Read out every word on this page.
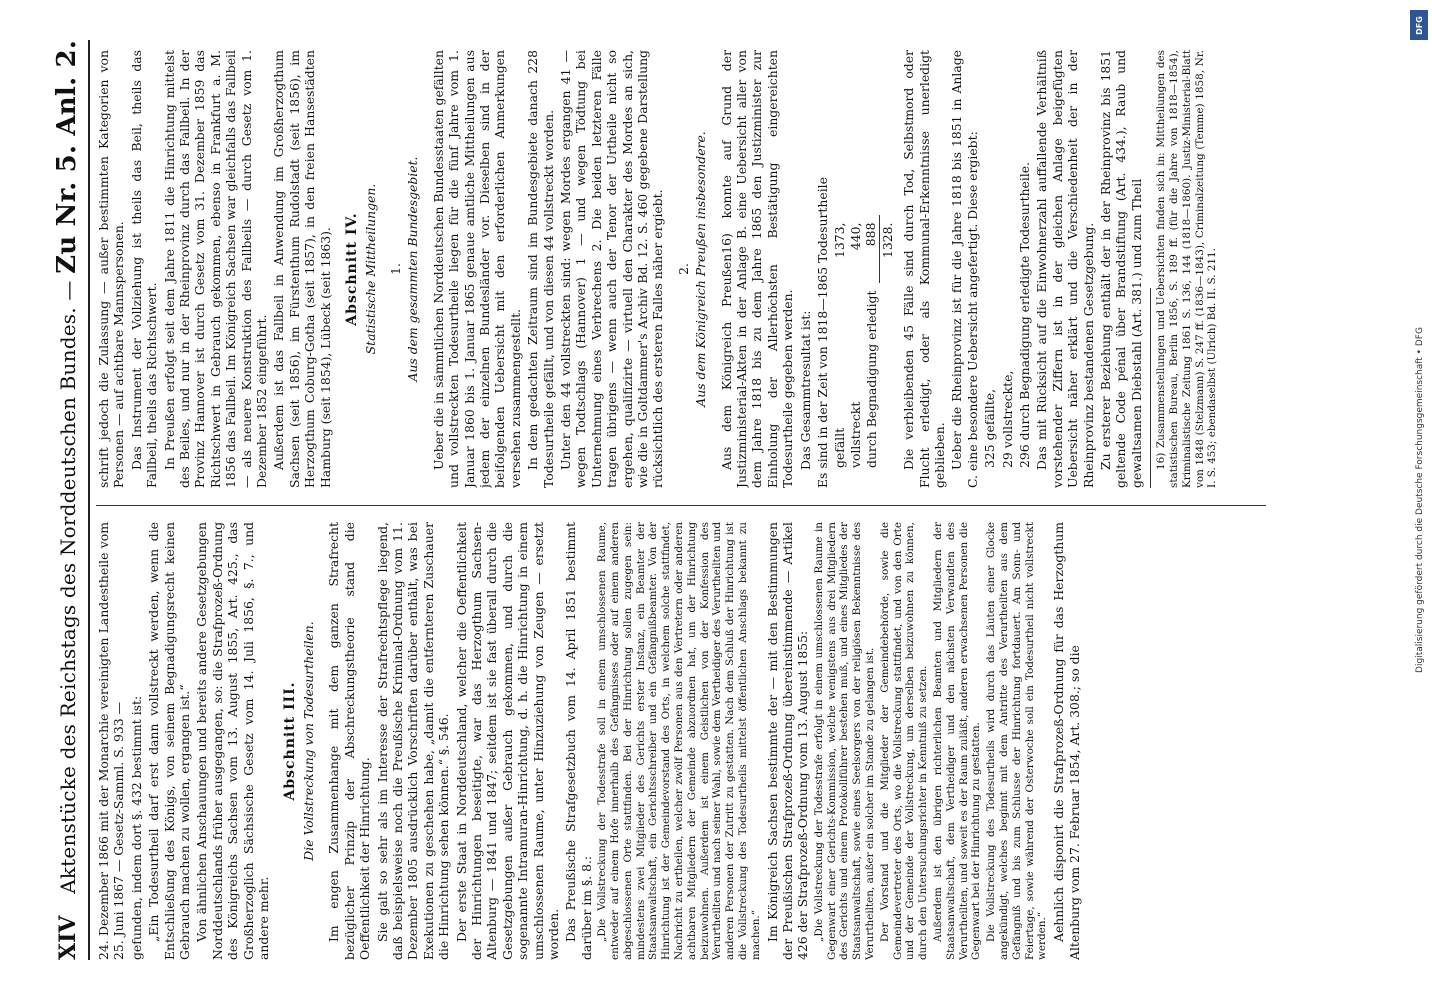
XIV
Aktenstücke des Reichstags des Norddeutschen Bundes. — Zu Nr. 5. Anl. 2.

24. Dezember 1866 mit der Monarchie vereinigten Landestheile vom 25. Juni 1867 — Gesetz-Samml. S. 933 — gefunden, indem dort §. 432 bestimmt ist: „Ein Todesurtheil darf erst dann vollstreckt werden, wenn die Entschließung des Königs, von seinem Begnadigungsrecht keinen Gebrauch machen zu wollen, ergangen ist.“ Von ähnlichen Anschauungen und bereits andere Gesetzgebungen Norddeutschlands früher ausgegangen, so: die Strafprozeß-Ordnung des Königreichs Sachsen vom 13. August 1855, Art. 425., das Großherzoglich Sächsische Gesetz vom 14. Juli 1856, §. 7., und andere mehr.

Abschnitt III. Die Vollstreckung von Todesurtheilen. Im engen Zusammenhange mit dem ganzen Strafrecht bezüglicher Prinzip der Abschreckungstheorie stand die Oeffentlichkeit der Hinrichtung. Sie galt so sehr als im Interesse der Strafrechtspflege liegend, daß beispielsweise noch die Preußische Kriminal-Ordnung vom 11. Dezember 1805 ausdrücklich Vorschriften darüber enthält, was bei Exekutionen zu geschehen habe, „damit die entfernteren Zuschauer die Hinrichtung sehen können.“ §. 546. Der erste Staat in Norddeutschland, welcher die Oeffentlichkeit der Hinrichtungen beseitigte, war das Herzogthum Sachsen-Altenburg — 1841 und 1847; seitdem ist sie fast überall durch die Gesetzgebungen außer Gebrauch gekommen, und durch die sogenannte Intramuran-Hinrichtung, d. h. die Hinrichtung in einem umschlossenen Raume, unter Hinzuziehung von Zeugen — ersetzt worden. Das Preußische Strafgesetzbuch vom 14. April 1851 bestimmt darüber im §. 8.: „Die Vollstreckung der Todesstrafe soll in einem umschlossenen Raume, entweder auf einem Hofe innerhalb des Gefängnisses oder auf einem anderen abgeschlossenen Orte stattfinden. Bei der Hinrichtung sollen zugegen sein: mindestens zwei Mitglieder des Gerichts erster Instanz, ein Beamter der Staatsanwaltschaft, ein Gerichtsschreiber und ein Gefängnißbeamter. Von der Hinrichtung ist der Gemeindevorstand des Orts, in welchem solche stattfindet, Nachricht zu ertheilen, welcher zwölf Personen aus den Vertretern oder anderen achtbaren Mitgliedern der Gemeinde abzuordnen hat, um der Hinrichtung beizuwohnen. Außerdem ist einem Geistlichen von der Konfession des Verurtheilten und nach seiner Wahl, sowie dem Vertheidiger des Verurtheilten und anderen Personen der Zutritt zu gestatten. Nach dem Schluß der Hinrichtung ist die Vollstreckung des Todesurtheils mittelst öffentlichen Anschlags bekannt zu machen.“ Im Königreich Sachsen bestimmte der — mit den Bestimmungen der Preußischen Strafprozeß-Ordnung übereinstimmende — Artikel 426 der Strafprozeß-Ordnung vom 13. August 1855: „Die Vollstreckung der Todesstrafe erfolgt in einem umschlossenen Raume in Gegenwart einer Gerichts-Kommission, welche wenigstens aus drei Mitgliedern des Gerichts und einem Protokollführer bestehen muß, und eines Mitgliedes der Staatsanwaltschaft, sowie eines Seelsorgers von der religiösen Bekenntnisse des Verurtheilten, außer ein solcher im Stande zu gelangen ist. Der Vorstand und die Mitglieder der Gemeindebehörde, sowie die Gemeindevertreter des Orts, wo die Vollstreckung stattfindet, und von den Orte und der Gemeinde der Vollstreckung, um derselben beizuwohnen zu können, durch den Untersuchungsrichter in Kenntniß zu setzen. Außerdem ist den übrigen richterlichen Beamten und Mitgliedern der Staatsanwaltschaft, dem Vertheidiger und den nächsten Verwandten des Verurtheilten, und soweit es der Raum zuläßt, anderen erwachsenen Personen die Gegenwart bei der Hinrichtung zu gestatten. Die Vollstreckung des Todesurtheils wird durch das Läuten einer Glocke angekündigt, welches beginnt mit dem Antritte des Verurtheilten aus dem Gefängniß und bis zum Schlusse der Hinrichtung fortdauert. Am Sonn- und Feiertage, sowie während der Osterwoche soll ein Todesurtheil nicht vollstreckt werden.“ Aehnlich disponirt die Strafprozeß-Ordnung für das Herzogthum Altenburg vom 27. Februar 1854, Art. 308.; so die

schrift jedoch die Zulassung — außer bestimmten Kategorien von Personen — auf achtbare Mannspersonen. Das Instrument der Vollziehung ist theils das Beil, theils das Fallbeil, theils das Richtschwert. In Preußen erfolgt seit dem Jahre 1811 die Hinrichtung mittelst des Beiles, und nur in der Rheinprovinz durch das Fallbeil. In der Provinz Hannover ist durch Gesetz vom 31. Dezember 1859 das Richtschwert in Gebrauch gekommen, ebenso in Frankfurt a. M. 1856 das Fallbeil. Im Königreich Sachsen war gleichfalls das Fallbeil — als neuere Konstruktion des Fallbeils — durch Gesetz vom 1. Dezember 1852 eingeführt. Außerdem ist das Fallbeil in Anwendung im Großherzogthum Sachsen (seit 1856), im Fürstenthum Rudolstadt (seit 1856), im Herzogthum Coburg-Gotha (seit 1857), in den freien Hansestädten Hamburg (seit 1854), Lübeck (seit 1863). Abschnitt IV. Statistische Mittheilungen. 1. Aus dem gesammten Bundesgebiet. Ueber die in sämmtlichen Norddeutschen Bundesstaaten gefällten und vollstreckten Todesurtheile liegen für die fünf Jahre vom 1. Januar 1860 bis 1. Januar 1865 genaue amtliche Mittheilungen aus jedem der einzelnen Bundesländer vor. Dieselben sind in der beifolgenden Uebersicht mit den erforderlichen Anmerkungen versehen zusammengestellt. In dem gedachten Zeitraum sind im Bundesgebiete danach 228 Todesurtheile gefällt, und von diesen 44 vollstreckt worden. Unter den 44 vollstreckten sind: wegen Mordes ergangen 41 — wegen Todtschlags (Hannover) 1 — und wegen Tödtung bei Unternehmung eines Verbrechens 2. Die beiden letzteren Fälle tragen übrigens — wenn auch der Tenor der Urtheile nicht so ergehen, qualifizirte — virtuell den Charakter des Mordes an sich, wie die in Goltdammer's Archiv Bd. 12. S. 460 gegebene Darstellung rücksichtlich des ersteren Falles näher ergiebt. 2. Aus dem Königreich Preußen insbesondere. Aus dem Königreich Preußen16) konnte auf Grund der Justizministerial-Akten in der Anlage B. eine Uebersicht aller von dem Jahre 1818 bis zu dem Jahre 1865 den Justizminister zur Einholung der Allerhöchsten Bestätigung eingereichten Todesurtheile gegeben werden. Das Gesammtresultat ist: Es sind in der Zeit von 1818—1865 Todesurtheile gefällt	1373,
vollstreckt	440,
durch Begnadigung erledigt	888
	1328. Die verbleibenden 45 Fälle sind durch Tod, Selbstmord oder Flucht erledigt, oder als Kommunal-Erkenntnisse unerledigt geblieben. Ueber die Rheinprovinz ist für die Jahre 1818 bis 1851 in Anlage C. eine besondere Uebersicht angefertigt. Diese ergiebt: 325 gefällte, 29 vollstreckte, 296 durch Begnadigung erledigte Todesurtheile. Das mit Rücksicht auf die Einwohnerzahl auffallende Verhältniß vorstehender Ziffern ist in der gleichen Anlage beigefügten Uebersicht näher erklärt und die Verschiedenheit der in der Rheinprovinz bestandenen Gesetzgebung. Zu ersterer Beziehung enthält der in der Rheinprovinz bis 1851 geltende Code pénal über Brandstiftung (Art. 434.), Raub und gewaltsamen Diebstahl (Art. 381.) und zum Theil 16) Zusammenstellungen und Uebersichten finden sich in: Mittheilungen des statistischen Bureau, Berlin 1856, S. 189 ff. (für die Jahre von 1818—1854), Kriminalistische Zeitung 1861 S. 136, 144 (1818—1860). Justiz-Ministerial-Blatt von 1848 (Stelzmann) S. 247 ff. (1836—1843), Criminalzeitung (Temme) 1858, Nr. I. S. 453; ebendaselbst (Ulrich) Bd. II. S. 211.

DFG
Digitalisierung gefördert durch die Deutsche Forschungsgemeinschaft • DFG
